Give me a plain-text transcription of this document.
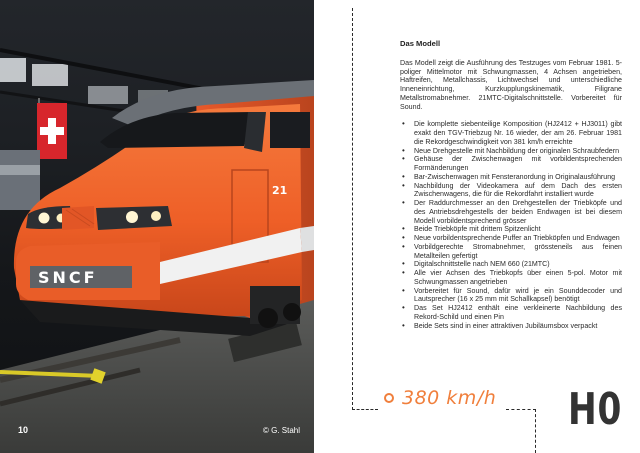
SNCF
21
10	© G. Stahl
Das Modell

Das Modell zeigt die Ausführung des Testzuges vom Februar 1981. 5-poliger Mittelmotor mit Schwungmassen, 4 Achsen angetrieben, Haftreifen, Metallchassis, Lichtwechsel und unterschiedliche Inneneinrichtung, Kurzkupplungskinematik, Filigrane Metallstromabnehmer. 21MTC-Digitalschnittstelle. Vorbereitet für Sound.

• Die komplette siebenteilige Komposition (HJ2412 + HJ3011) gibt exakt den TGV-Triebzug Nr. 16 wieder, der am 26. Februar 1981 die Rekordgeschwindigkeit von 381 km/h erreichte
• Neue Drehgestelle mit Nachbildung der originalen Schraubfedern
• Gehäuse der Zwischenwagen mit vorbildentsprechenden Formänderungen
• Bar-Zwischenwagen mit Fensteranordung in Originalausführung
• Nachbildung der Videokamera auf dem Dach des ersten Zwischenwagens, die für die Rekordfahrt installiert wurde
• Der Raddurchmesser an den Drehgestellen der Triebköpfe und des Antriebsdrehgestells der beiden Endwagen ist bei diesem Modell vorbildentsprechend grösser
• Beide Triebköpfe mit drittem Spitzenlicht
• Neue vorbildentsprechende Puffer an Triebköpfen und Endwagen
• Vorbildgerechte Stromabnehmer, grössteneils aus feinen Metallteilen gefertigt
• Digitalschnittstelle nach NEM 660 (21MTC)
• Alle vier Achsen des Triebkopfs über einen 5-pol. Motor mit Schwungmassen angetrieben
• Vorbereitet für Sound, dafür wird je ein Sounddecoder und Lautsprecher (16 x 25 mm mit Schallkapsel) benötigt
• Das Set HJ2412 enthält eine verkleinerte Nachbildung des Rekord-Schild und einen Pin
• Beide Sets sind in einer attraktiven Jubiläumsbox verpackt
380 km/h H0
